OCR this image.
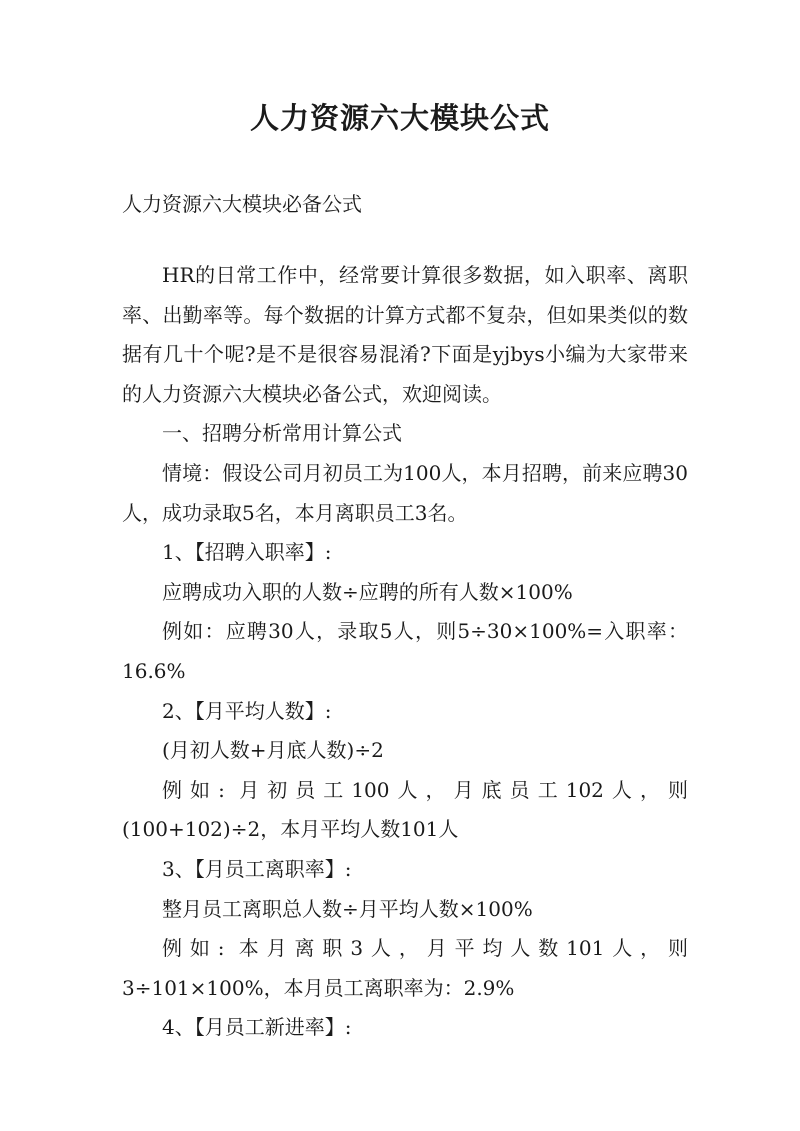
人力资源六大模块公式
人力资源六大模块必备公式

HR的日常工作中，经常要计算很多数据，如入职率、离职率、出勤率等。每个数据的计算方式都不复杂，但如果类似的数据有几十个呢?是不是很容易混淆?下面是yjbys小编为大家带来的人力资源六大模块必备公式，欢迎阅读。

一、招聘分析常用计算公式

情境：假设公司月初员工为100人，本月招聘，前来应聘30人，成功录取5名，本月离职员工3名。

1、【招聘入职率】:

应聘成功入职的人数÷应聘的所有人数×100%

例如：应聘30人，录取5人，则5÷30×100%=入职率：16.6%

2、【月平均人数】:

(月初人数+月底人数)÷2

例如: 月初员工100人，月底员工102人，则(100+102)÷2，本月平均人数101人

3、【月员工离职率】:

整月员工离职总人数÷月平均人数×100%

例如: 本月离职3人，月平均人数101人，则3÷101×100%，本月员工离职率为：2.9%

4、【月员工新进率】:
